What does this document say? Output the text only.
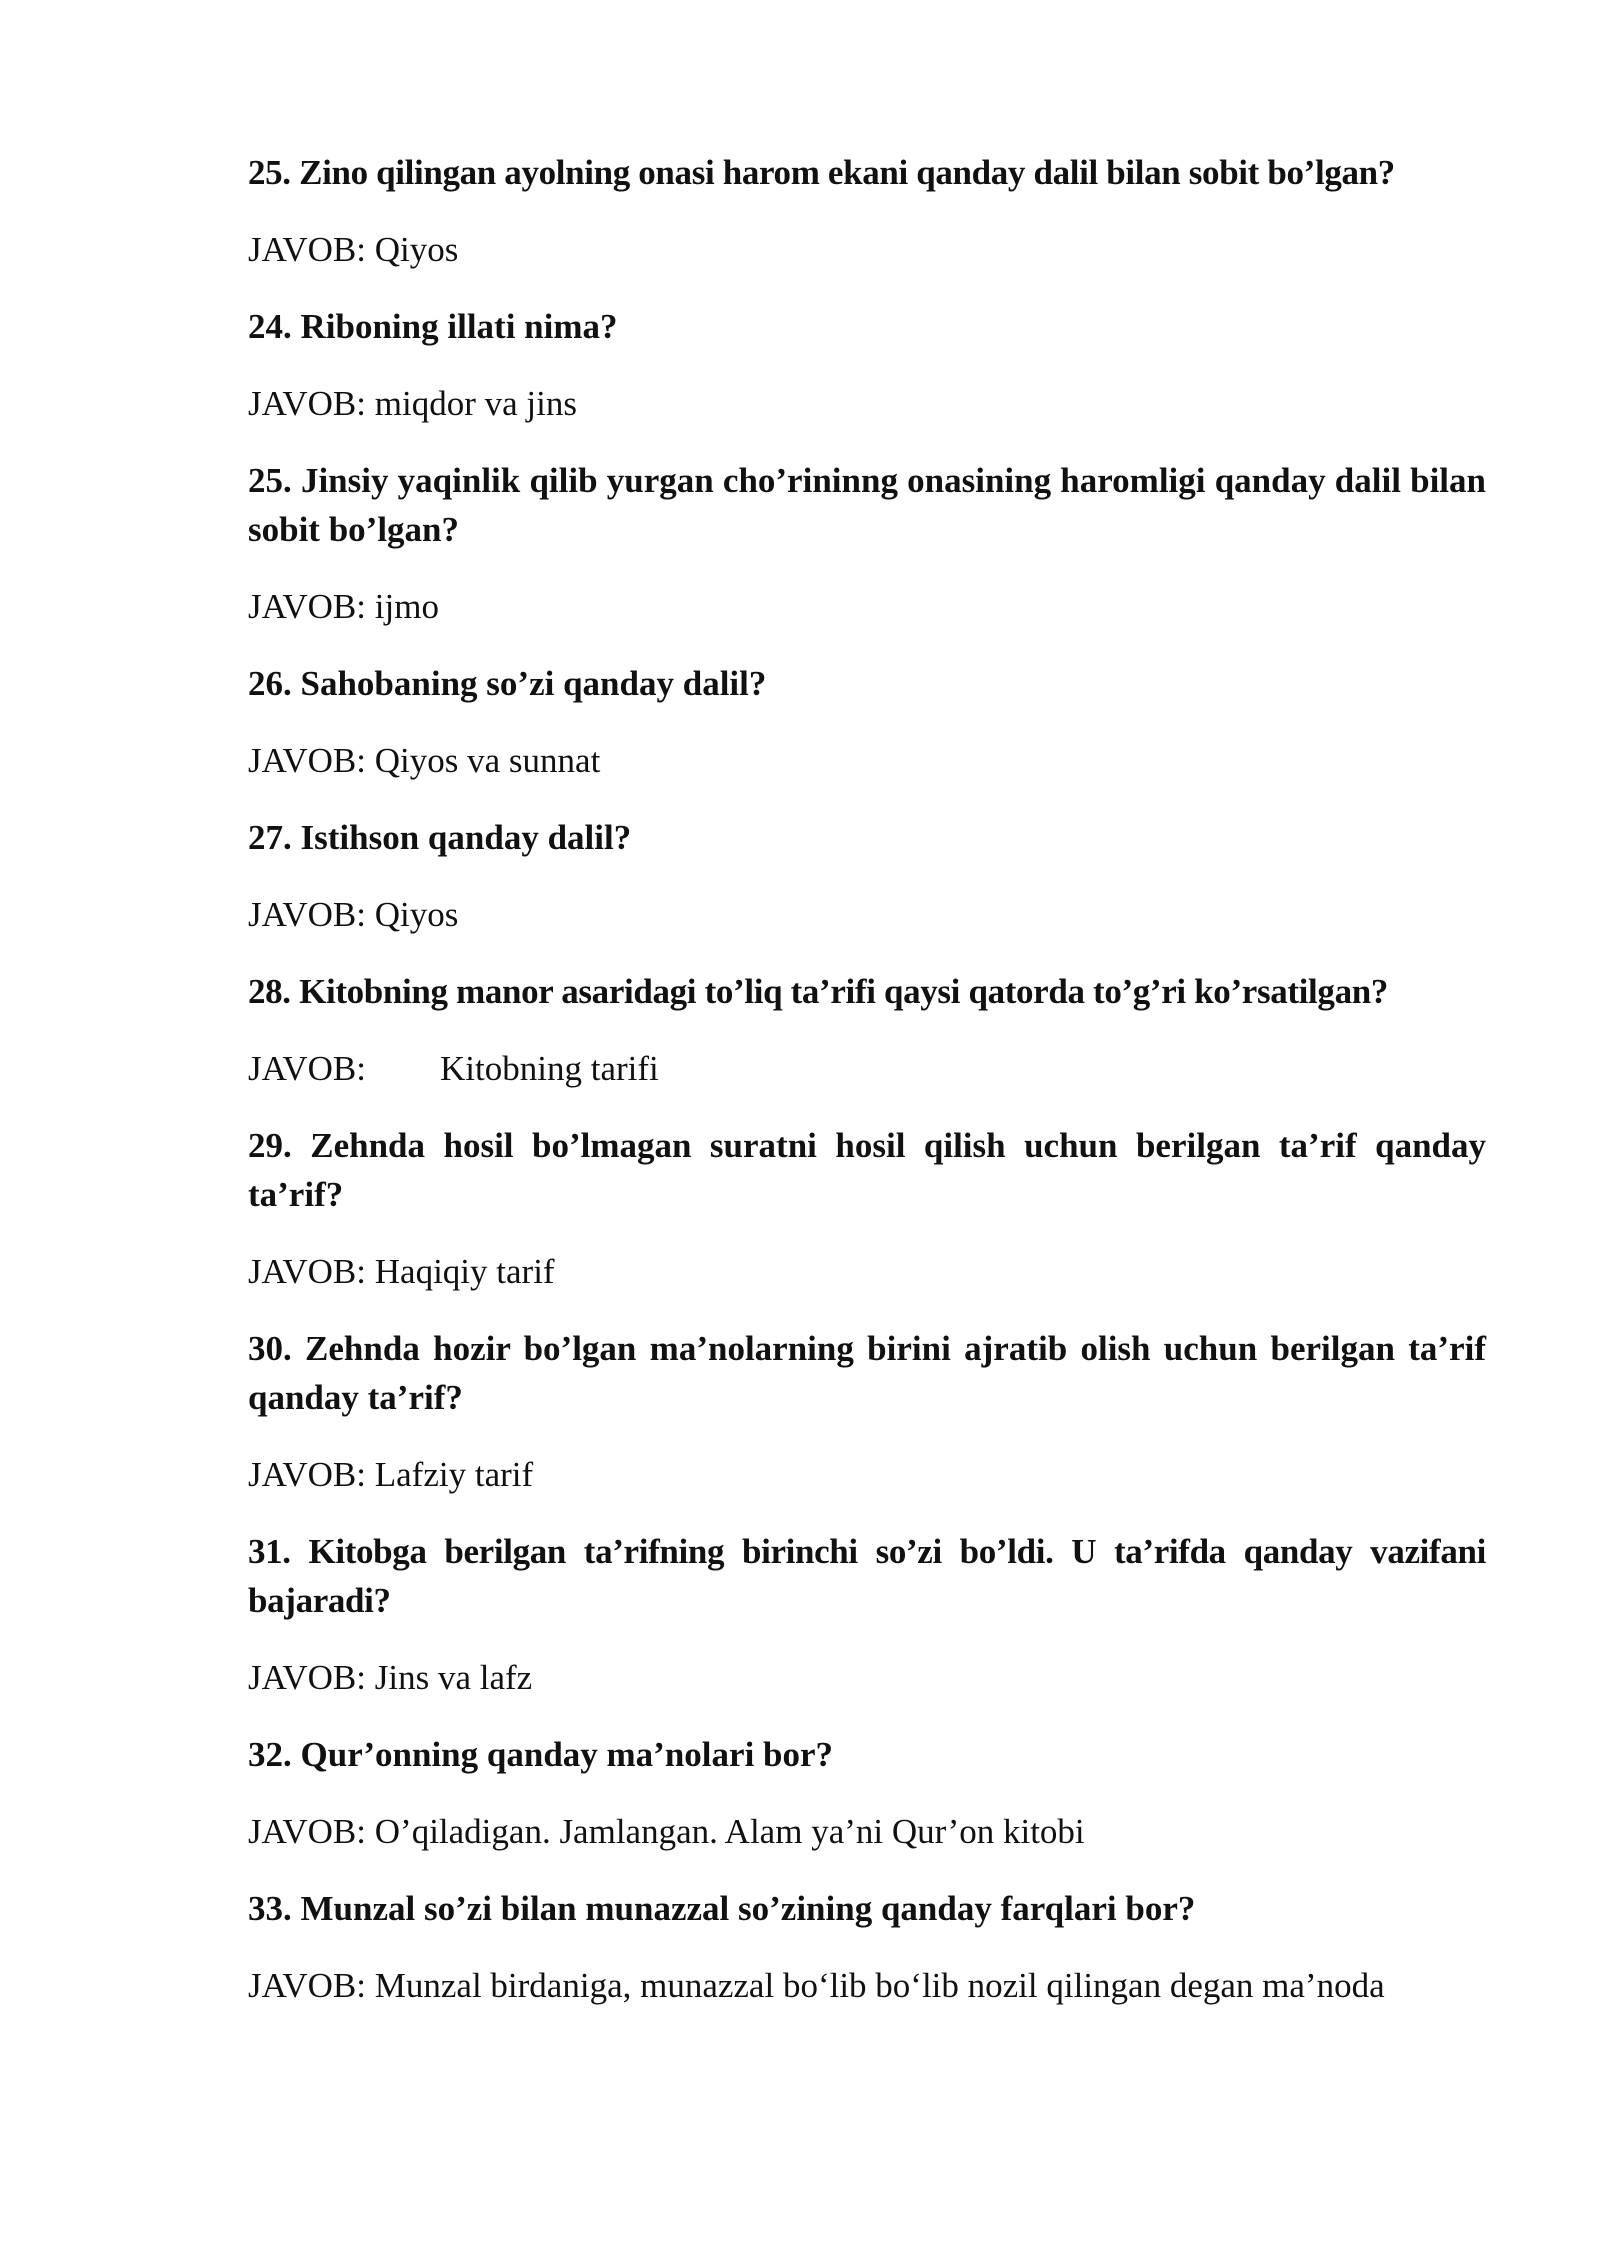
25. Zino qilingan ayolning onasi harom ekani qanday dalil bilan sobit bo’lgan?

JAVOB: Qiyos

24. Riboning illati nima?

JAVOB: miqdor va jins

25. Jinsiy yaqinlik qilib yurgan cho’rininng onasining haromligi qanday dalil bilan sobit bo’lgan?

JAVOB: ijmo

26. Sahobaning so’zi qanday dalil?

JAVOB: Qiyos va sunnat

27. Istihson qanday dalil?

JAVOB: Qiyos

28. Kitobning manor asaridagi to’liq ta’rifi qaysi qatorda to’g’ri ko’rsatilgan?

JAVOB: Kitobning tarifi

29. Zehnda hosil bo’lmagan suratni hosil qilish uchun berilgan ta’rif qanday ta’rif?

JAVOB: Haqiqiy tarif

30. Zehnda hozir bo’lgan ma’nolarning birini ajratib olish uchun berilgan ta’rif qanday ta’rif?

JAVOB: Lafziy tarif

31. Kitobga berilgan ta’rifning birinchi so’zi bo’ldi. U ta’rifda qanday vazifani bajaradi?

JAVOB: Jins va lafz

32. Qur’onning qanday ma’nolari bor?

JAVOB: O’qiladigan. Jamlangan. Alam ya’ni Qur’on kitobi

33. Munzal so’zi bilan munazzal so’zining qanday farqlari bor?

JAVOB: Munzal birdaniga, munazzal bo‘lib bo‘lib nozil qilingan degan ma’noda
